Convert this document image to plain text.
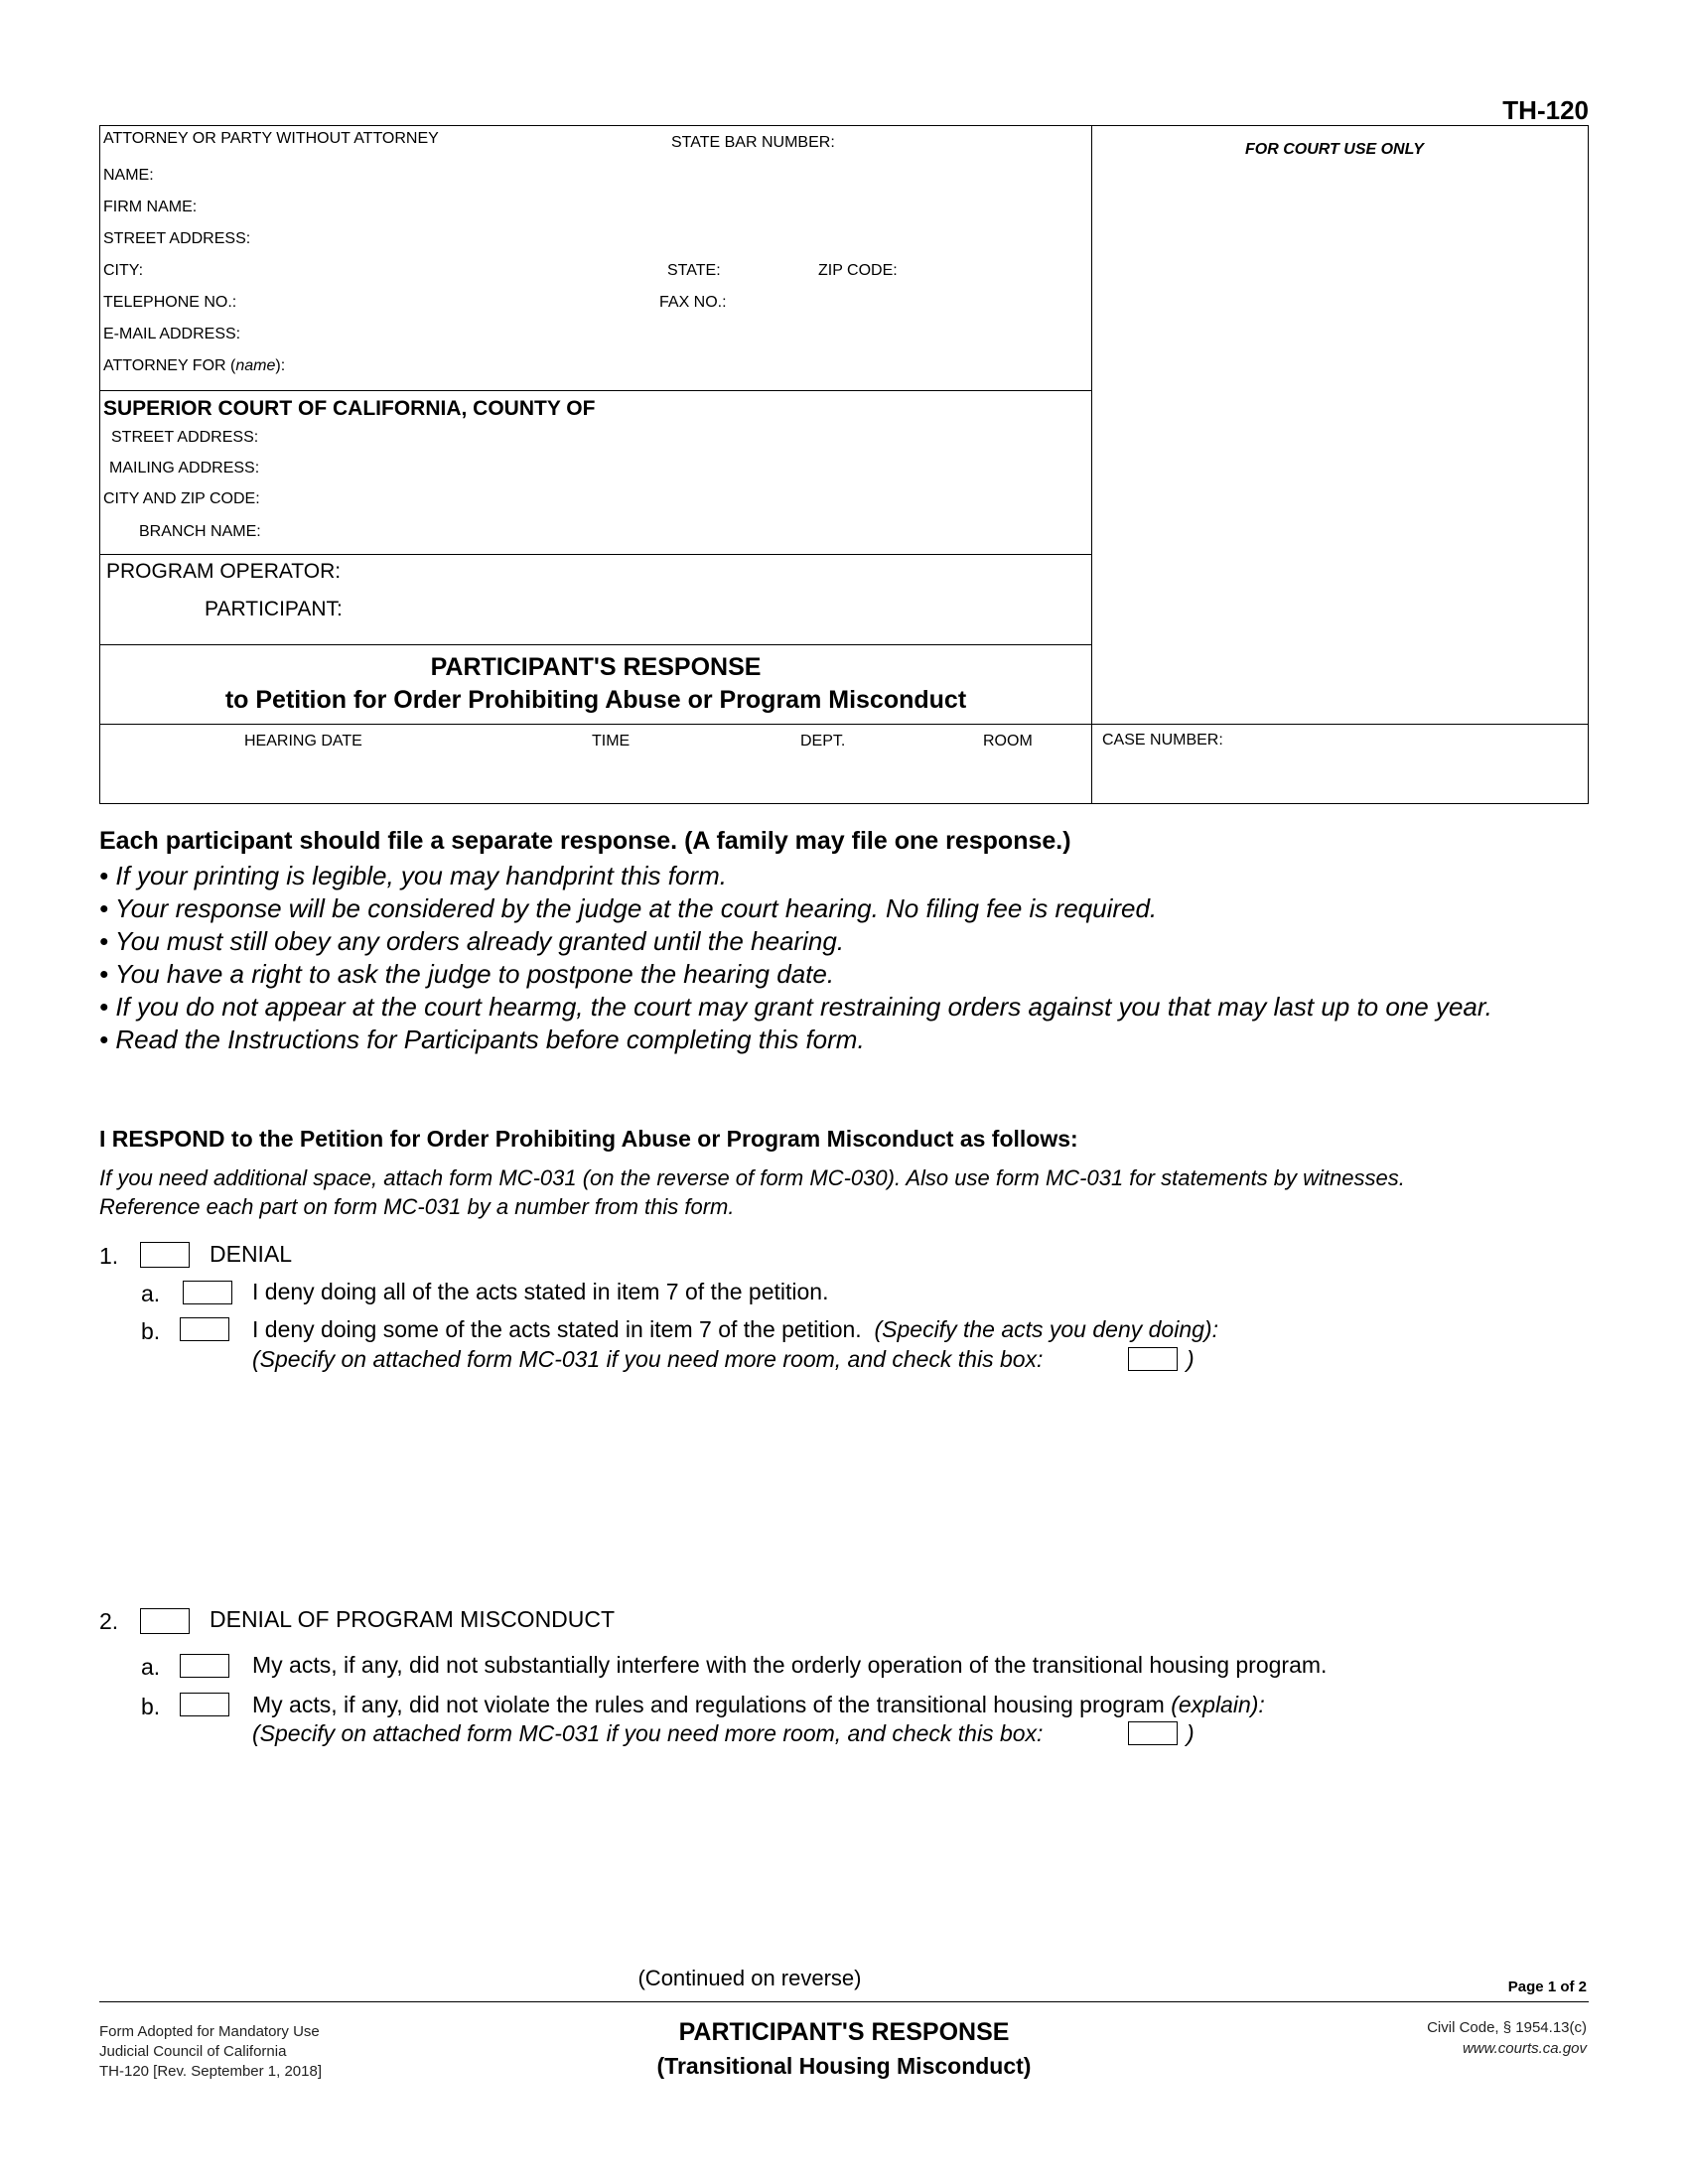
TH-120
ATTORNEY OR PARTY WITHOUT ATTORNEY	STATE BAR NUMBER:	FOR COURT USE ONLY
NAME:
FIRM NAME:
STREET ADDRESS:
CITY:	STATE:	ZIP CODE:
TELEPHONE NO.:	FAX NO.:
E-MAIL ADDRESS:
ATTORNEY FOR (name):
SUPERIOR COURT OF CALIFORNIA, COUNTY OF
STREET ADDRESS:
MAILING ADDRESS:
CITY AND ZIP CODE:
BRANCH NAME:
PROGRAM OPERATOR:
PARTICIPANT:
PARTICIPANT'S RESPONSE
to Petition for Order Prohibiting Abuse or Program Misconduct
HEARING DATE	TIME	DEPT.	ROOM	CASE NUMBER:
Each participant should file a separate response. (A family may file one response.)
• If your printing is legible, you may handprint this form.
• Your response will be considered by the judge at the court hearing. No filing fee is required.
• You must still obey any orders already granted until the hearing.
• You have a right to ask the judge to postpone the hearing date.
• If you do not appear at the court hearmg, the court may grant restraining orders against you that may last up to one year.
• Read the Instructions for Participants before completing this form.
I RESPOND to the Petition for Order Prohibiting Abuse or Program Misconduct as follows:
If you need additional space, attach form MC-031 (on the reverse of form MC-030). Also use form MC-031 for statements by witnesses.
Reference each part on form MC-031 by a number from this form.
1.	DENIAL
a.	I deny doing all of the acts stated in item 7 of the petition.
b.	I deny doing some of the acts stated in item 7 of the petition. (Specify the acts you deny doing):
(Specify on attached form MC-031 if you need more room, and check this box:	)
2.	DENIAL OF PROGRAM MISCONDUCT
a.	My acts, if any, did not substantially interfere with the orderly operation of the transitional housing program.
b.	My acts, if any, did not violate the rules and regulations of the transitional housing program (explain):
(Specify on attached form MC-031 if you need more room, and check this box:	)
(Continued on reverse)	Page 1 of 2
Form Adopted for Mandatory Use
Judicial Council of California
TH-120 [Rev. September 1, 2018]
PARTICIPANT'S RESPONSE
(Transitional Housing Misconduct)
Civil Code, § 1954.13(c)
www.courts.ca.gov
